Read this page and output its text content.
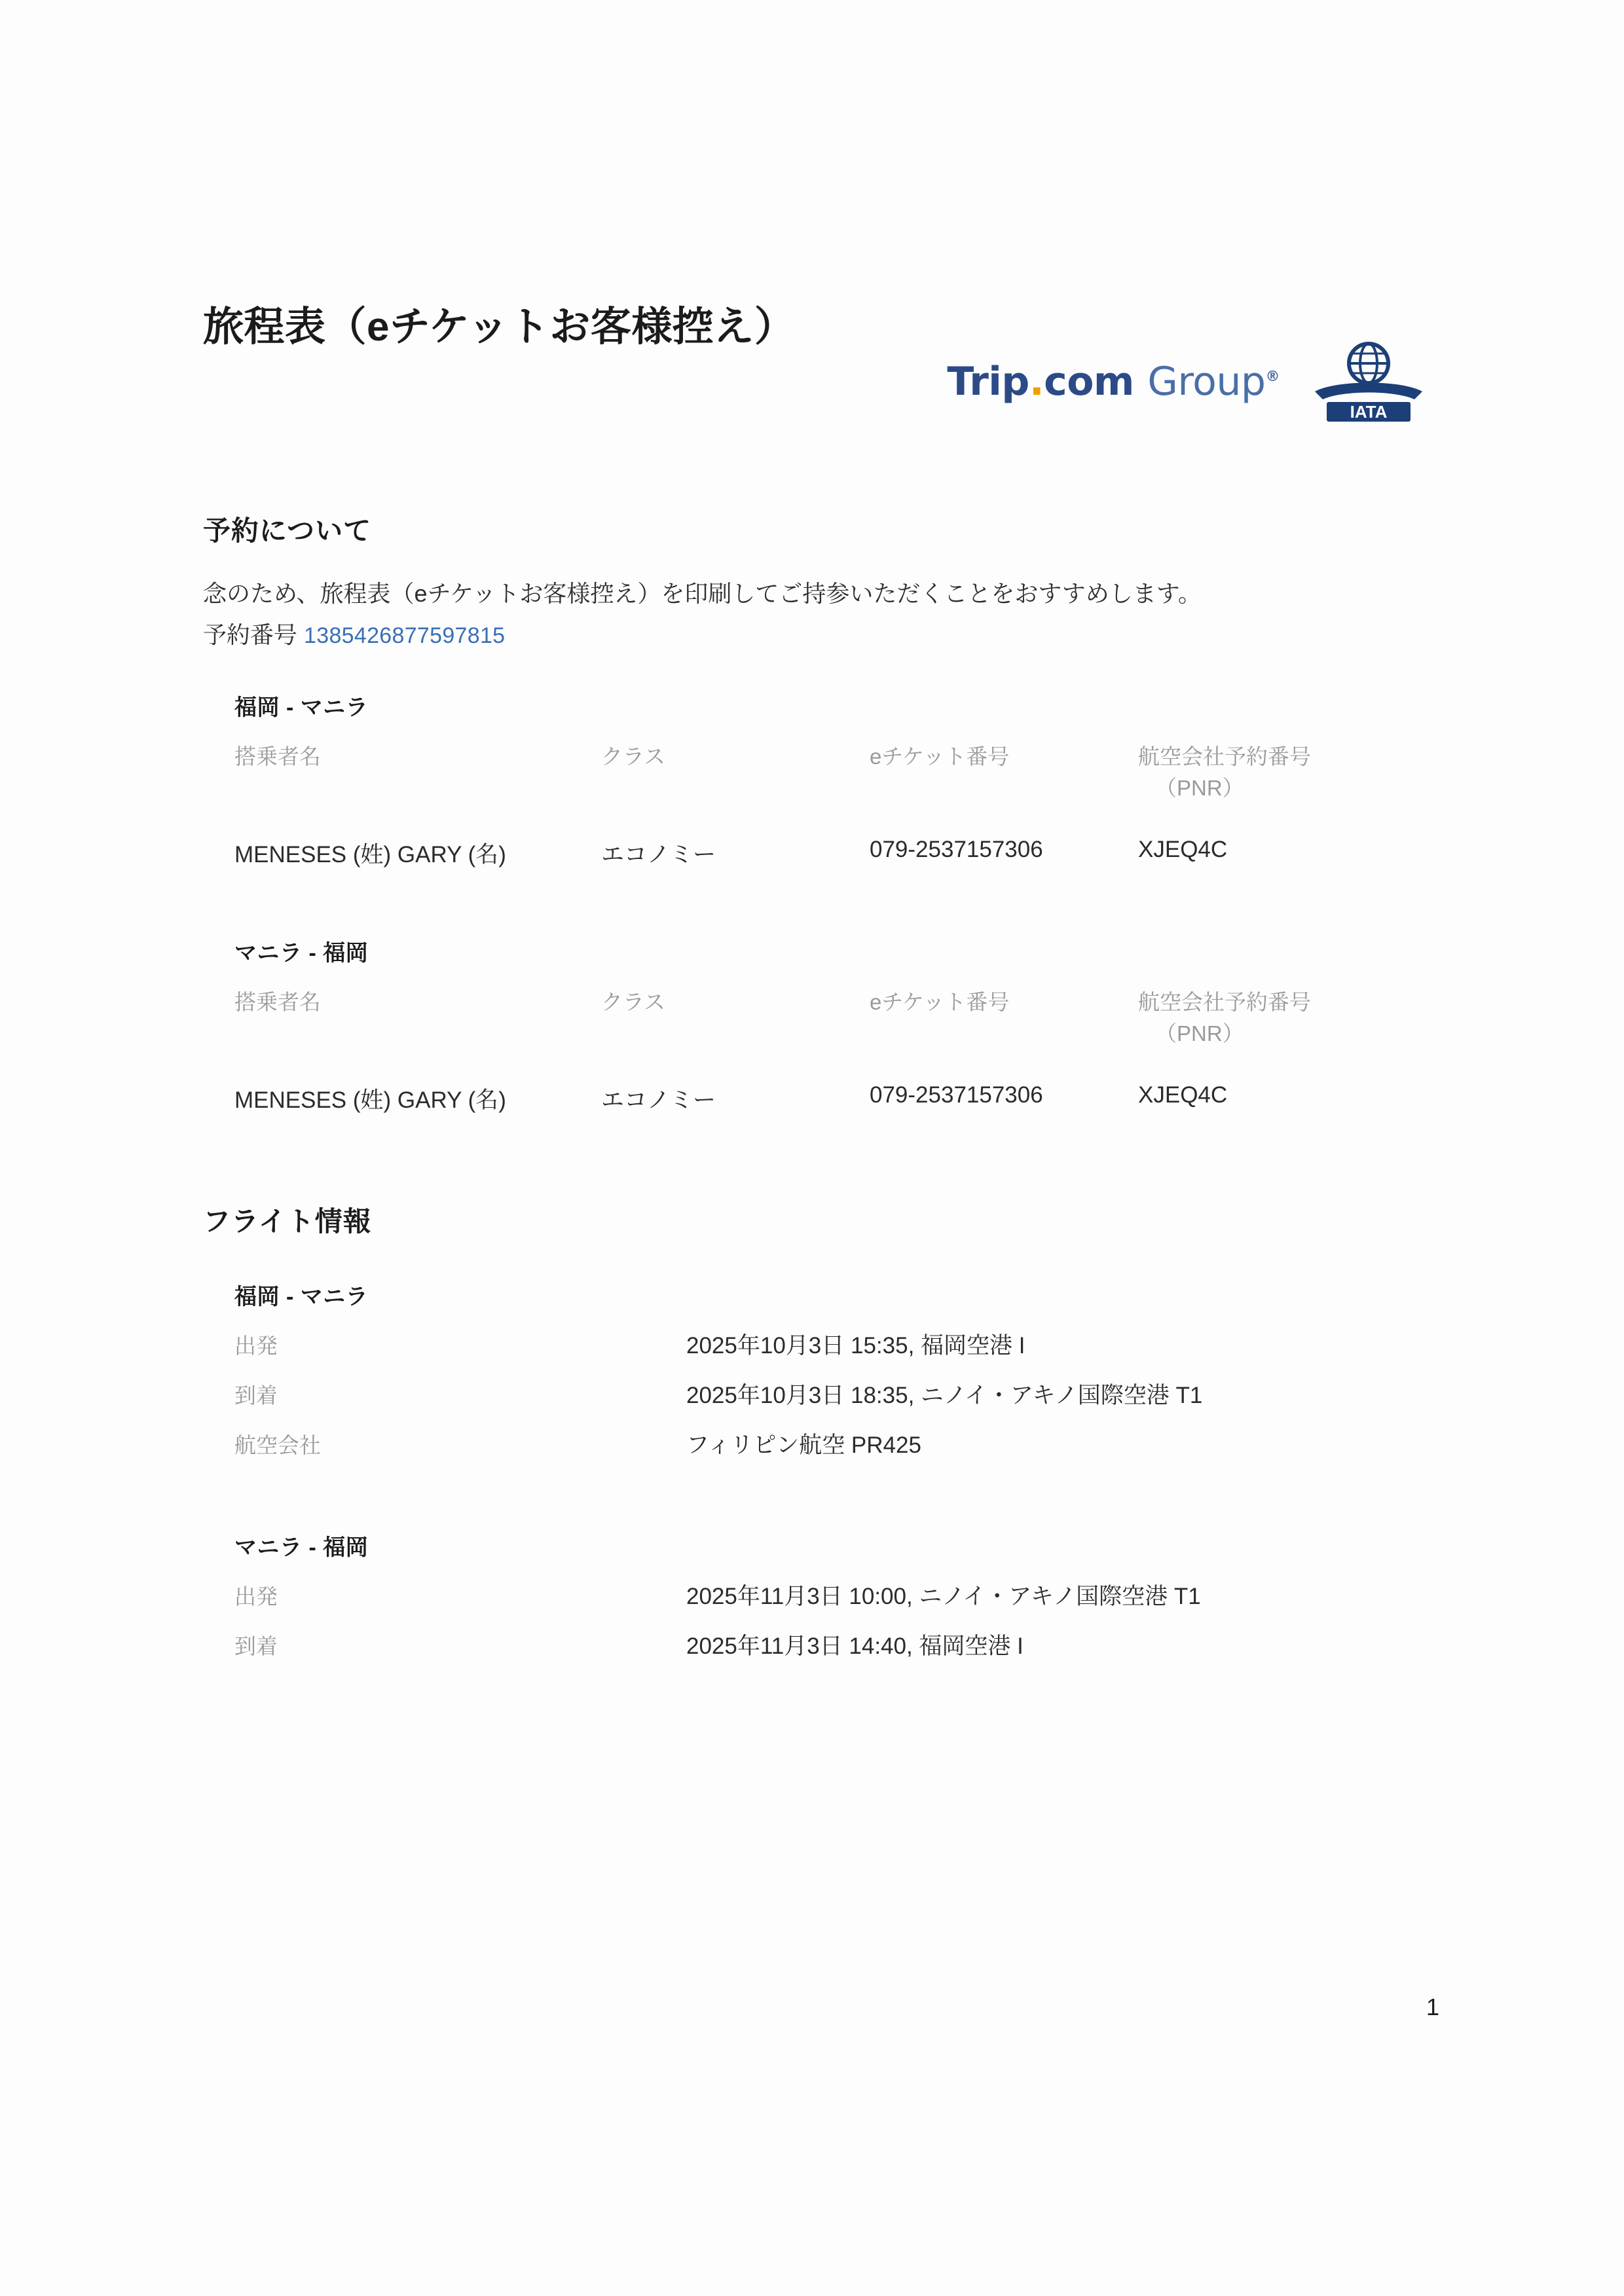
旅程表（eチケットお客様控え）
Trip.com Group®
IATA
予約について

念のため、旅程表（eチケットお客様控え）を印刷してご持参いただくことをおすすめします。

予約番号 1385426877597815
福岡 - マニラ
搭乗者名	クラス	eチケット番号	航空会社予約番号
（PNR）

MENESES (姓) GARY (名)	エコノミー	079-2537157306	XJEQ4C
マニラ - 福岡
搭乗者名	クラス	eチケット番号	航空会社予約番号
（PNR）

MENESES (姓) GARY (名)	エコノミー	079-2537157306	XJEQ4C
フライト情報
福岡 - マニラ
出発	2025年10月3日 15:35, 福岡空港 I
到着	2025年10月3日 18:35, ニノイ・アキノ国際空港 T1
航空会社	フィリピン航空 PR425
マニラ - 福岡
出発	2025年11月3日 10:00, ニノイ・アキノ国際空港 T1
到着	2025年11月3日 14:40, 福岡空港 I
1
